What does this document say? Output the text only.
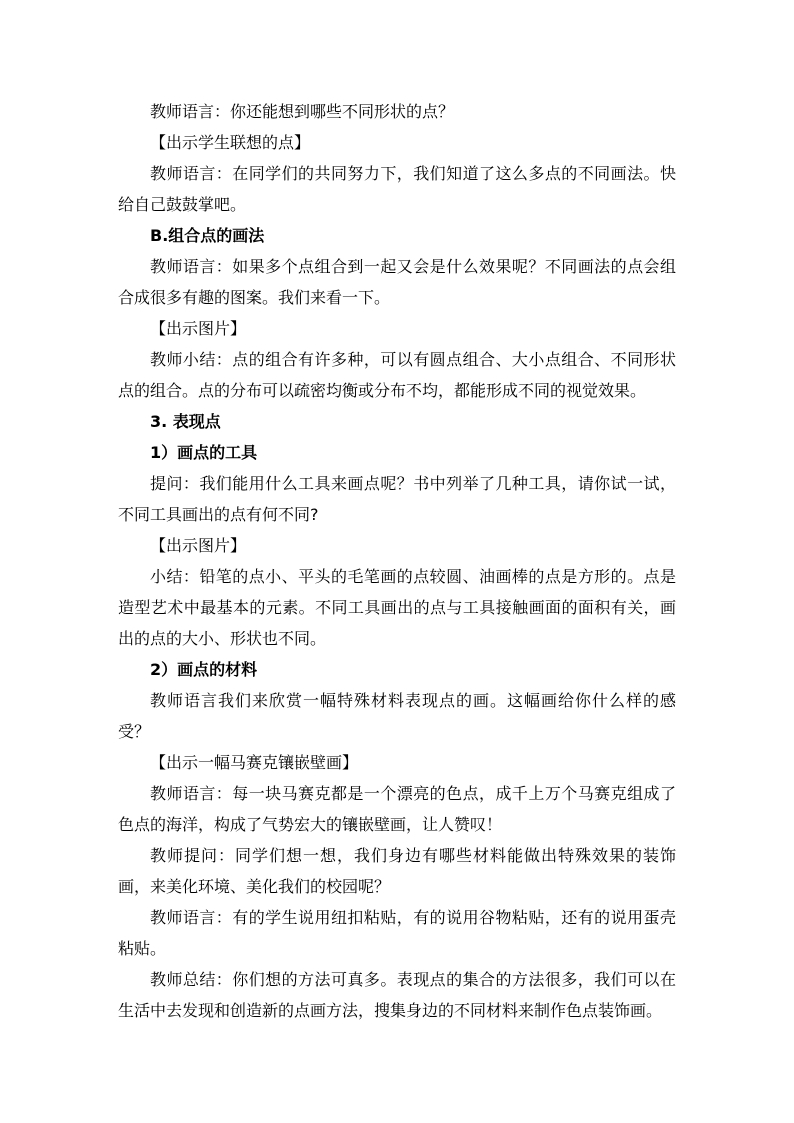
教师语言：你还能想到哪些不同形状的点？

【出示学生联想的点】

教师语言：在同学们的共同努力下，我们知道了这么多点的不同画法。快给自己鼓鼓掌吧。

B.组合点的画法

教师语言：如果多个点组合到一起又会是什么效果呢？不同画法的点会组合成很多有趣的图案。我们来看一下。

【出示图片】

教师小结：点的组合有许多种，可以有圆点组合、大小点组合、不同形状点的组合。点的分布可以疏密均衡或分布不均，都能形成不同的视觉效果。

3. 表现点

1）画点的工具

提问：我们能用什么工具来画点呢？书中列举了几种工具，请你试一试，不同工具画出的点有何不同?

【出示图片】

小结：铅笔的点小、平头的毛笔画的点较圆、油画棒的点是方形的。点是造型艺术中最基本的元素。不同工具画出的点与工具接触画面的面积有关，画出的点的大小、形状也不同。

2）画点的材料

教师语言我们来欣赏一幅特殊材料表现点的画。这幅画给你什么样的感受？

【出示一幅马赛克镶嵌壁画】

教师语言：每一块马赛克都是一个漂亮的色点，成千上万个马赛克组成了色点的海洋，构成了气势宏大的镶嵌壁画，让人赞叹！

教师提问：同学们想一想，我们身边有哪些材料能做出特殊效果的装饰画，来美化环境、美化我们的校园呢？

教师语言：有的学生说用纽扣粘贴，有的说用谷物粘贴，还有的说用蛋壳粘贴。

教师总结：你们想的方法可真多。表现点的集合的方法很多，我们可以在生活中去发现和创造新的点画方法，搜集身边的不同材料来制作色点装饰画。
